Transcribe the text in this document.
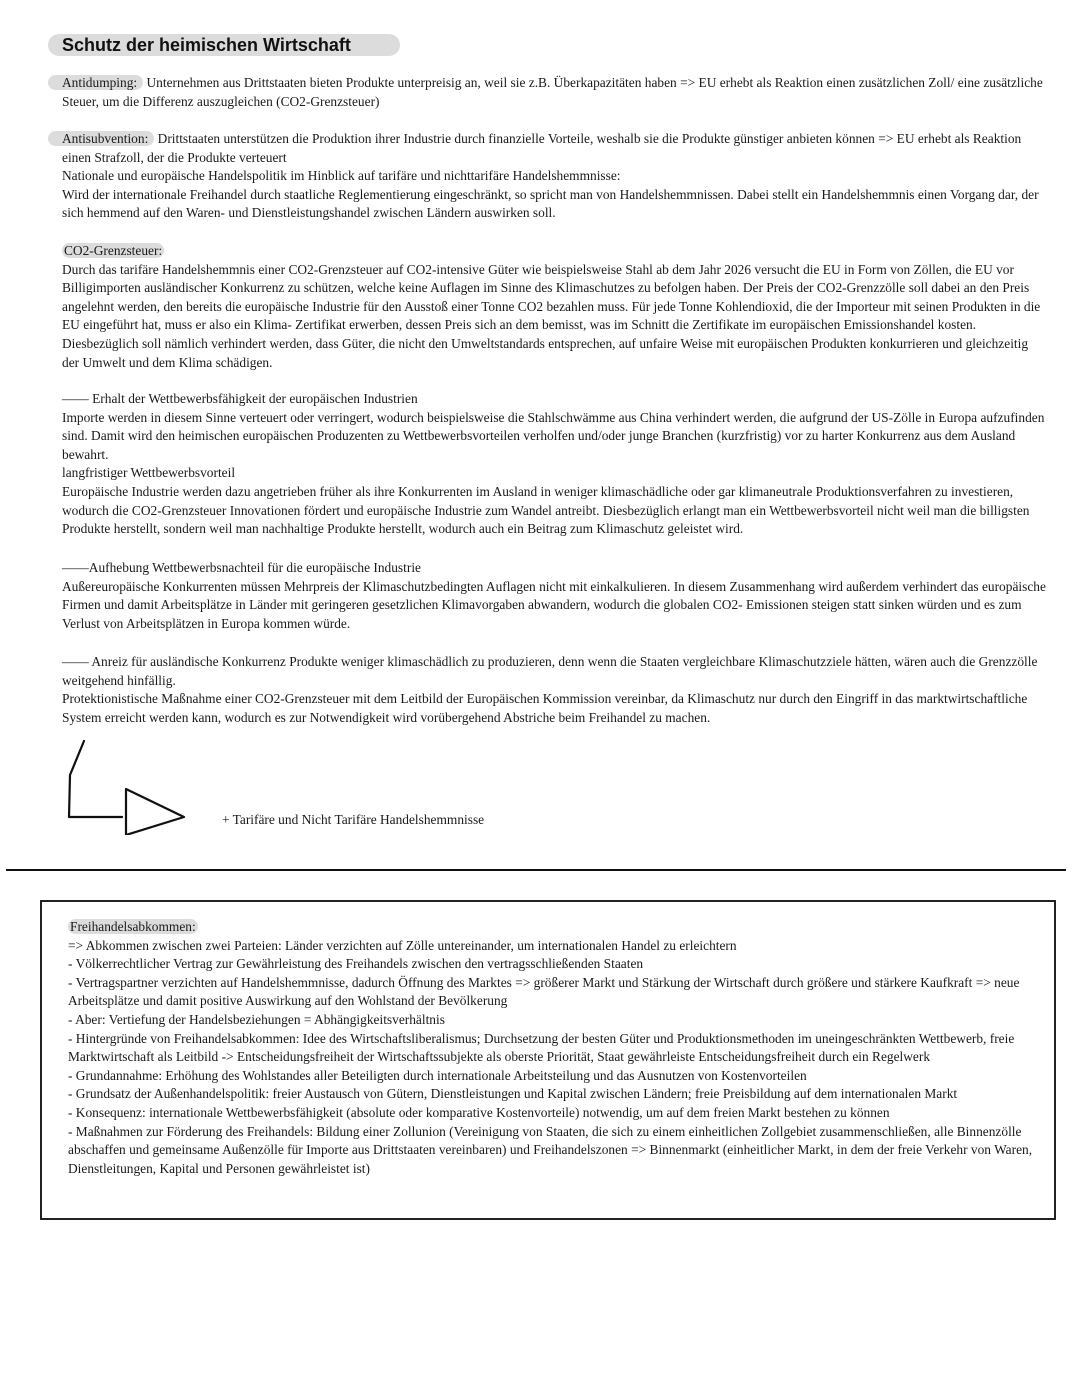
Schutz der heimischen Wirtschaft

Antidumping: Unternehmen aus Drittstaaten bieten Produkte unterpreisig an, weil sie z.B. Überkapazitäten haben => EU erhebt als Reaktion einen zusätzlichen Zoll/ eine zusätzliche Steuer, um die Differenz auszugleichen (CO2-Grenzsteuer)

Antisubvention: Drittstaaten unterstützen die Produktion ihrer Industrie durch finanzielle Vorteile, weshalb sie die Produkte günstiger anbieten können => EU erhebt als Reaktion einen Strafzoll, der die Produkte verteuert

Nationale und europäische Handelspolitik im Hinblick auf tarifäre und nichttarifäre Handelshemmnisse:

Wird der internationale Freihandel durch staatliche Reglementierung eingeschränkt, so spricht man von Handelshemmnissen. Dabei stellt ein Handelshemmnis einen Vorgang dar, der sich hemmend auf den Waren- und Dienstleistungshandel zwischen Ländern auswirken soll.

CO2-Grenzsteuer:

Durch das tarifäre Handelshemmnis einer CO2-Grenzsteuer auf CO2-intensive Güter wie beispielsweise Stahl ab dem Jahr 2026 versucht die EU in Form von Zöllen, die EU vor Billigimporten ausländischer Konkurrenz zu schützen, welche keine Auflagen im Sinne des Klimaschutzes zu befolgen haben. Der Preis der CO2-Grenzzölle soll dabei an den Preis angelehnt werden, den bereits die europäische Industrie für den Ausstoß einer Tonne CO2 bezahlen muss. Für jede Tonne Kohlendioxid, die der Importeur mit seinen Produkten in die EU eingeführt hat, muss er also ein Klima- Zertifikat erwerben, dessen Preis sich an dem bemisst, was im Schnitt die Zertifikate im europäischen Emissionshandel kosten. Diesbezüglich soll nämlich verhindert werden, dass Güter, die nicht den Umweltstandards entsprechen, auf unfaire Weise mit europäischen Produkten konkurrieren und gleichzeitig der Umwelt und dem Klima schädigen.

—— Erhalt der Wettbewerbsfähigkeit der europäischen Industrien

Importe werden in diesem Sinne verteuert oder verringert, wodurch beispielsweise die Stahlschwämme aus China verhindert werden, die aufgrund der US-Zölle in Europa aufzufinden sind. Damit wird den heimischen europäischen Produzenten zu Wettbewerbsvorteilen verholfen und/oder junge Branchen (kurzfristig) vor zu harter Konkurrenz aus dem Ausland bewahrt.

langfristiger Wettbewerbsvorteil

Europäische Industrie werden dazu angetrieben früher als ihre Konkurrenten im Ausland in weniger klimaschädliche oder gar klimaneutrale Produktionsverfahren zu investieren, wodurch die CO2-Grenzsteuer Innovationen fördert und europäische Industrie zum Wandel antreibt. Diesbezüglich erlangt man ein Wettbewerbsvorteil nicht weil man die billigsten Produkte herstellt, sondern weil man nachhaltige Produkte herstellt, wodurch auch ein Beitrag zum Klimaschutz geleistet wird.

——Aufhebung Wettbewerbsnachteil für die europäische Industrie

Außereuropäische Konkurrenten müssen Mehrpreis der Klimaschutzbedingten Auflagen nicht mit einkalkulieren. In diesem Zusammenhang wird außerdem verhindert das europäische Firmen und damit Arbeitsplätze in Länder mit geringeren gesetzlichen Klimavorgaben abwandern, wodurch die globalen CO2- Emissionen steigen statt sinken würden und es zum Verlust von Arbeitsplätzen in Europa kommen würde.

—— Anreiz für ausländische Konkurrenz Produkte weniger klimaschädlich zu produzieren, denn wenn die Staaten vergleichbare Klimaschutzziele hätten, wären auch die Grenzzölle weitgehend hinfällig.

Protektionistische Maßnahme einer CO2-Grenzsteuer mit dem Leitbild der Europäischen Kommission vereinbar, da Klimaschutz nur durch den Eingriff in das marktwirtschaftliche System erreicht werden kann, wodurch es zur Notwendigkeit wird vorübergehend Abstriche beim Freihandel zu machen.

+ Tarifäre und Nicht Tarifäre Handelshemmnisse

Freihandelsabkommen:

=> Abkommen zwischen zwei Parteien: Länder verzichten auf Zölle untereinander, um internationalen Handel zu erleichtern

- Völkerrechtlicher Vertrag zur Gewährleistung des Freihandels zwischen den vertragsschließenden Staaten

- Vertragspartner verzichten auf Handelshemmnisse, dadurch Öffnung des Marktes => größerer Markt und Stärkung der Wirtschaft durch größere und stärkere Kaufkraft => neue Arbeitsplätze und damit positive Auswirkung auf den Wohlstand der Bevölkerung

- Aber: Vertiefung der Handelsbeziehungen = Abhängigkeitsverhältnis

- Hintergründe von Freihandelsabkommen: Idee des Wirtschaftsliberalismus; Durchsetzung der besten Güter und Produktionsmethoden im uneingeschränkten Wettbewerb, freie Marktwirtschaft als Leitbild -> Entscheidungsfreiheit der Wirtschaftssubjekte als oberste Priorität, Staat gewährleiste Entscheidungsfreiheit durch ein Regelwerk

- Grundannahme: Erhöhung des Wohlstandes aller Beteiligten durch internationale Arbeitsteilung und das Ausnutzen von Kostenvorteilen

- Grundsatz der Außenhandelspolitik: freier Austausch von Gütern, Dienstleistungen und Kapital zwischen Ländern; freie Preisbildung auf dem internationalen Markt

- Konsequenz: internationale Wettbewerbsfähigkeit (absolute oder komparative Kostenvorteile) notwendig, um auf dem freien Markt bestehen zu können

- Maßnahmen zur Förderung des Freihandels: Bildung einer Zollunion (Vereinigung von Staaten, die sich zu einem einheitlichen Zollgebiet zusammenschließen, alle Binnenzölle abschaffen und gemeinsame Außenzölle für Importe aus Drittstaaten vereinbaren) und Freihandelszonen => Binnenmarkt (einheitlicher Markt, in dem der freie Verkehr von Waren, Dienstleitungen, Kapital und Personen gewährleistet ist)
